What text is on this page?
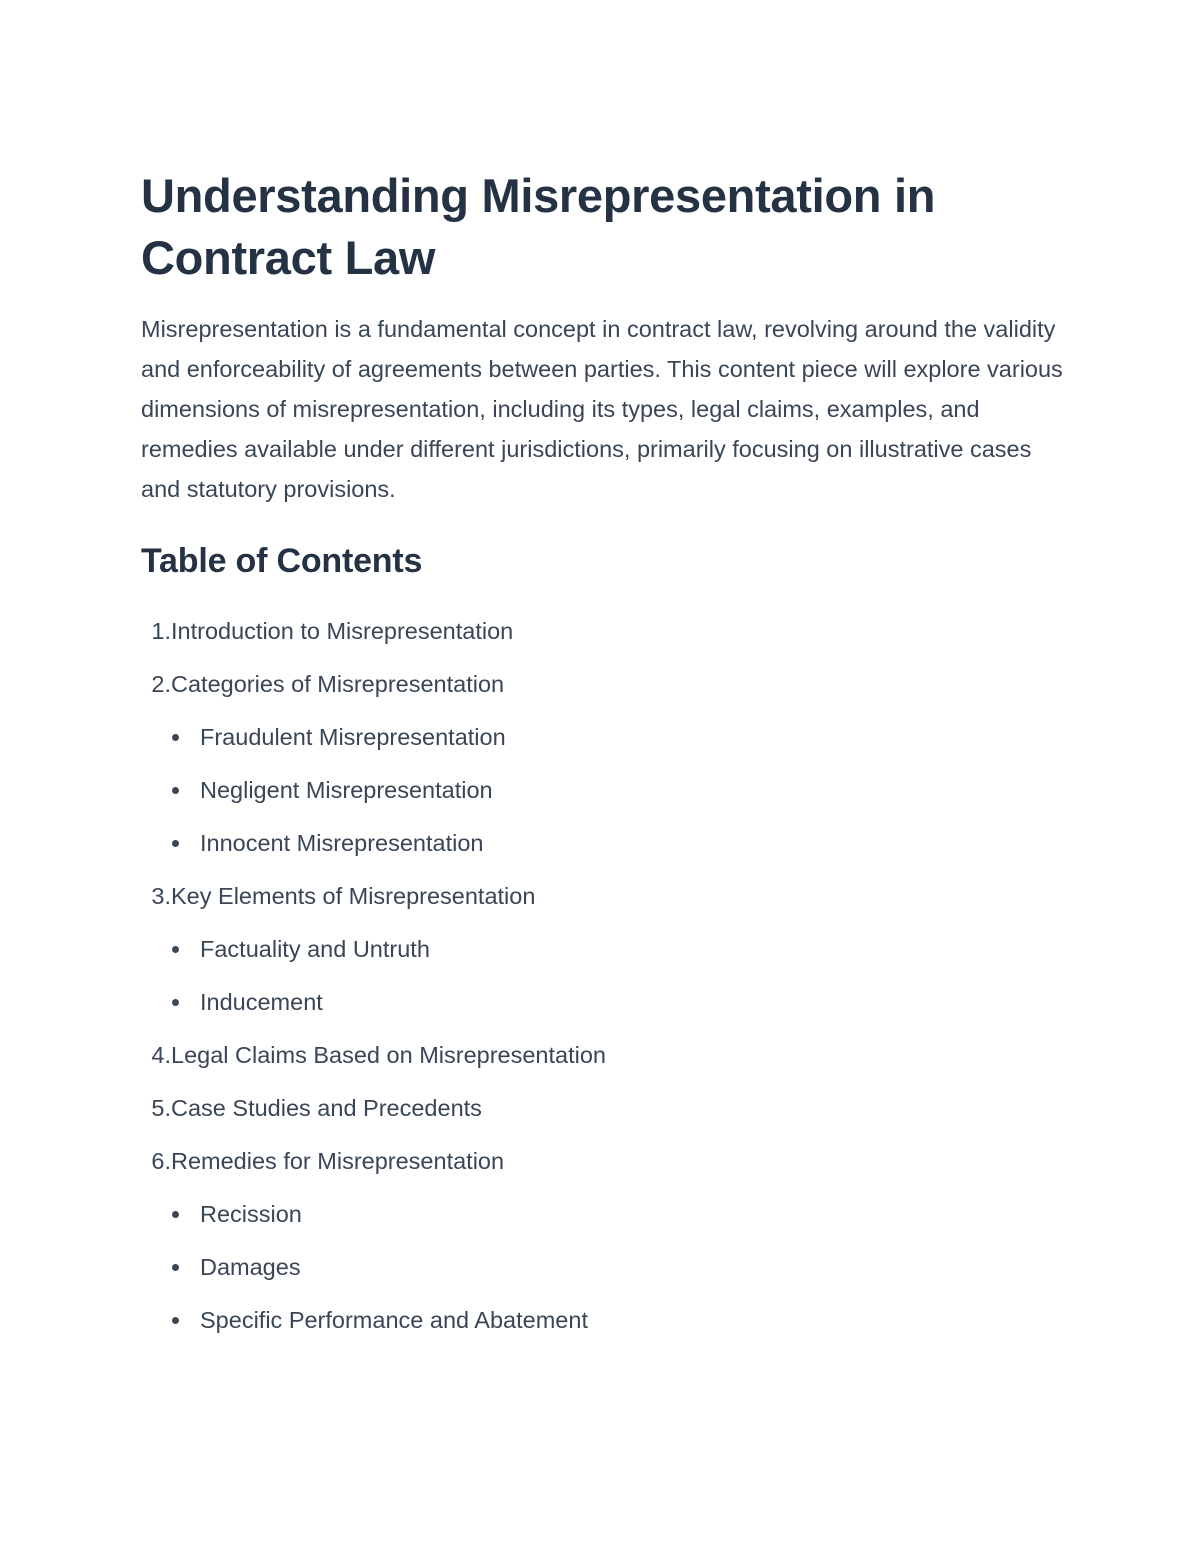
Understanding Misrepresentation in Contract Law

Misrepresentation is a fundamental concept in contract law, revolving around the validity and enforceability of agreements between parties. This content piece will explore various dimensions of misrepresentation, including its types, legal claims, examples, and remedies available under different jurisdictions, primarily focusing on illustrative cases and statutory provisions.

Table of Contents
1. Introduction to Misrepresentation
2. Categories of Misrepresentation
Fraudulent Misrepresentation
Negligent Misrepresentation
Innocent Misrepresentation
3. Key Elements of Misrepresentation
Factuality and Untruth
Inducement
4. Legal Claims Based on Misrepresentation
5. Case Studies and Precedents
6. Remedies for Misrepresentation
Recission
Damages
Specific Performance and Abatement
